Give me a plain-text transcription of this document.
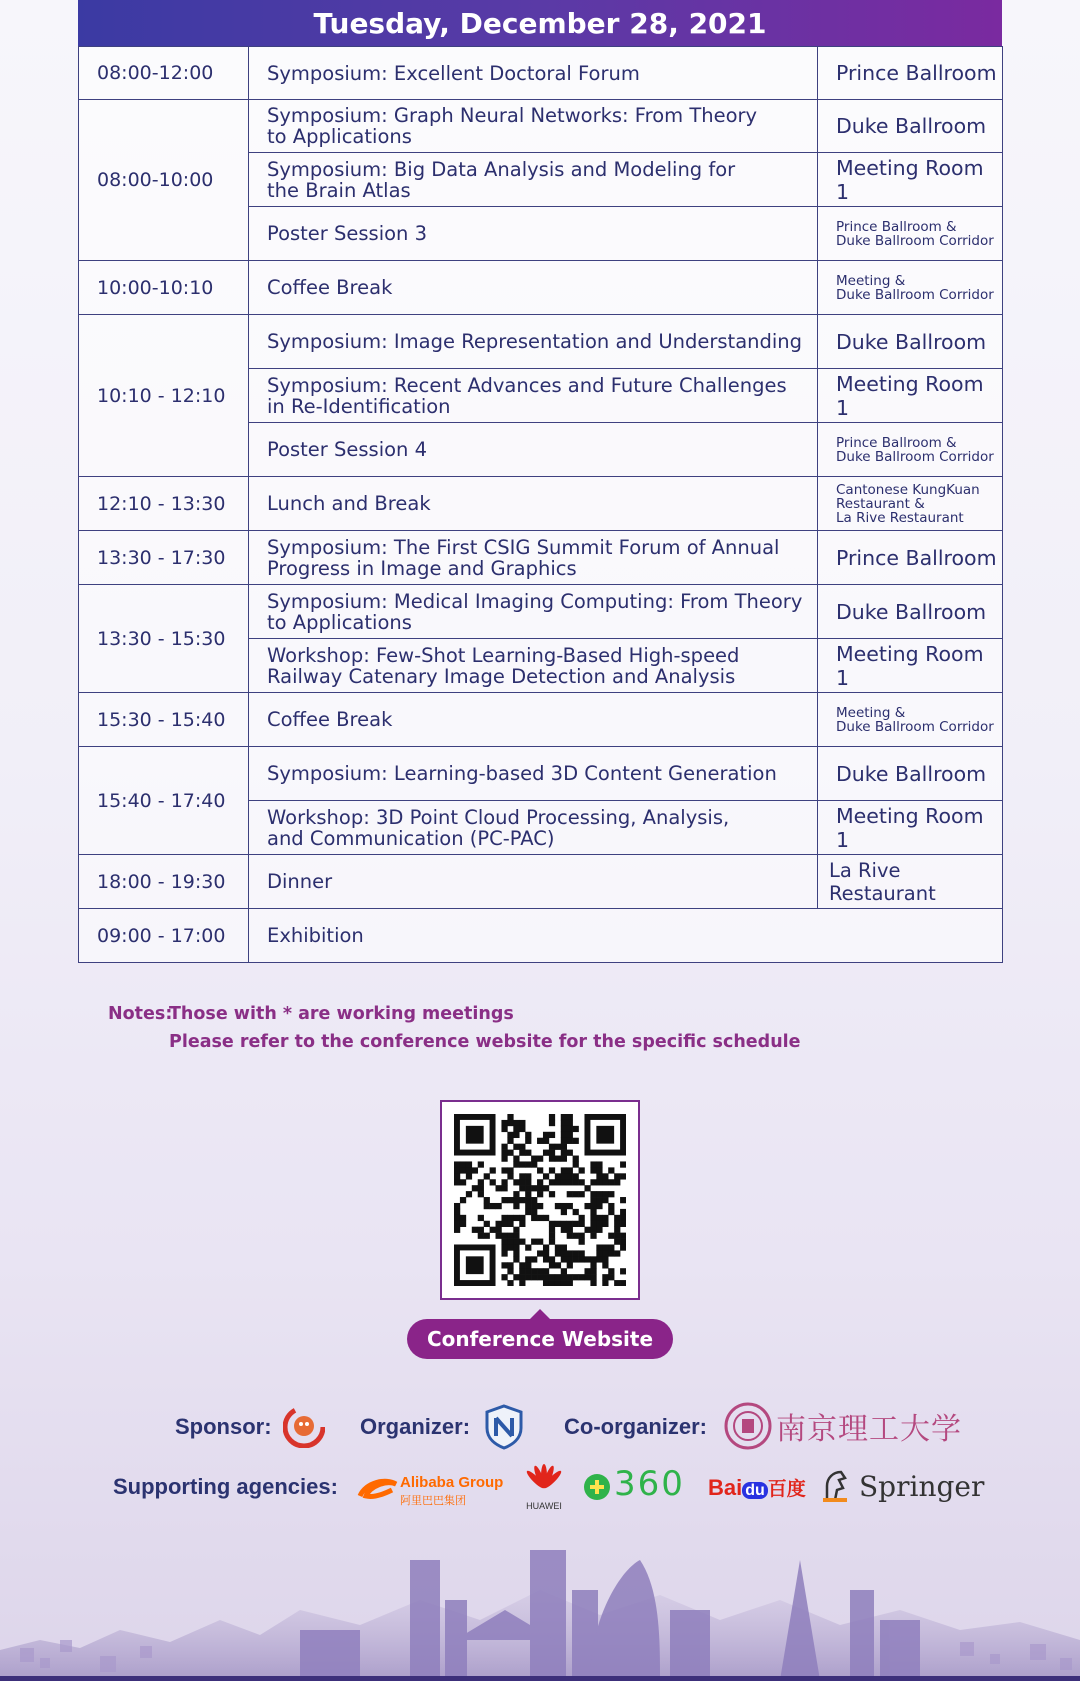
Tuesday, December 28, 2021
08:00-12:00	Symposium: Excellent Doctoral Forum	Prince Ballroom

08:00-10:00	Symposium: Graph Neural Networks: From Theory
to Applications	Duke Ballroom

	Symposium: Big Data Analysis and Modeling for
the Brain Atlas	Meeting Room 1

	Poster Session 3	Prince Ballroom &
Duke Ballroom Corridor

10:00-10:10	Coffee Break	Meeting &
Duke Ballroom Corridor

10:10 - 12:10	Symposium: Image Representation and Understanding	Duke Ballroom

	Symposium: Recent Advances and Future Challenges
in Re-Identification	Meeting Room 1

	Poster Session 4	Prince Ballroom &
Duke Ballroom Corridor

12:10 - 13:30	Lunch and Break	Cantonese KungKuan
Restaurant &
La Rive Restaurant

13:30 - 17:30	Symposium: The First CSIG Summit Forum of Annual
Progress in Image and Graphics	Prince Ballroom

13:30 - 15:30	Symposium: Medical Imaging Computing: From Theory
to Applications	Duke Ballroom

	Workshop: Few-Shot Learning-Based High-speed
Railway Catenary Image Detection and Analysis	Meeting Room 1

15:30 - 15:40	Coffee Break	Meeting &
Duke Ballroom Corridor

15:40 - 17:40	Symposium: Learning-based 3D Content Generation	Duke Ballroom

	Workshop: 3D Point Cloud Processing, Analysis,
and Communication (PC-PAC)	Meeting Room 1

18:00 - 19:30	Dinner	La Rive Restaurant

09:00 - 17:00	Exhibition	
Notes:Those with * are working meetings
Please refer to the conference website for the specific schedule
Conference Website
Sponsor:	Organizer:	Co-organizer: 南京理工大学
Supporting agencies:	Alibaba Group
阿里巴巴集团	HUAWEI
360 Bai du 百度 Springer
